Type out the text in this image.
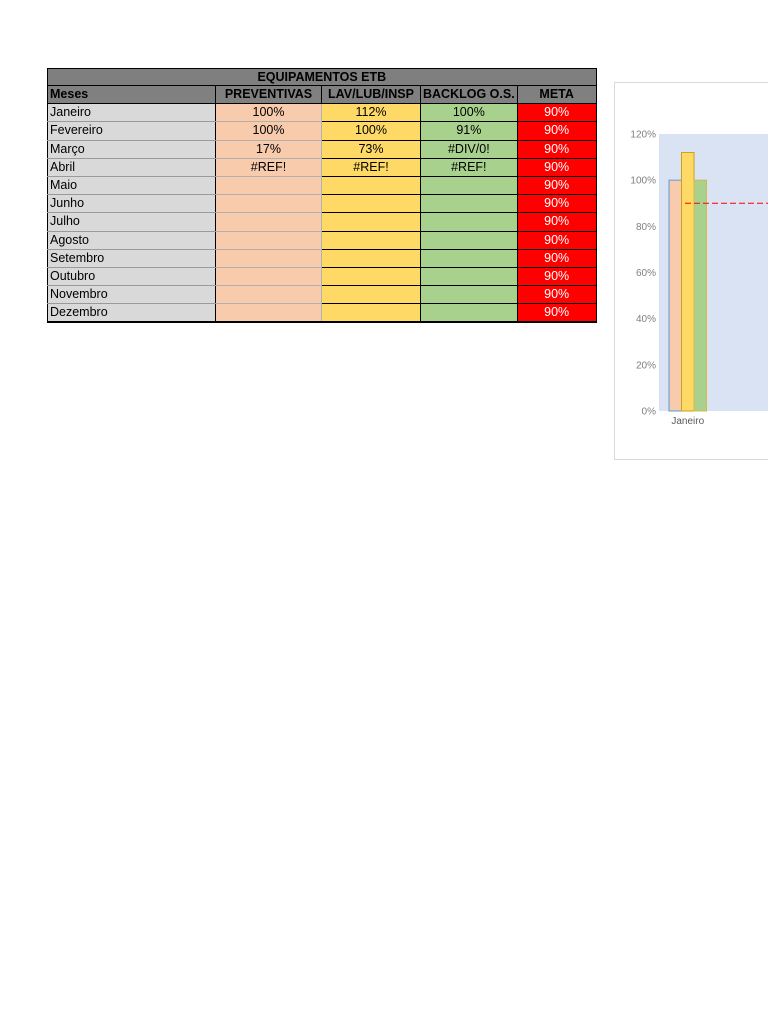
EQUIPAMENTOS ETB				
Meses	PREVENTIVAS	LAV/LUB/INSP	BACKLOG O.S.	META
Janeiro	100%	112%	100%	90%
Fevereiro	100%	100%	91%	90%
Março	17%	73%	#DIV/0!	90%
Abril	#REF!	#REF!	#REF!	90%
Maio				90%
Junho				90%
Julho				90%
Agosto				90%
Setembro				90%
Outubro				90%
Novembro				90%
Dezembro				90%
0%
20%
40%
60%
80%
100%
120%
Janeiro
